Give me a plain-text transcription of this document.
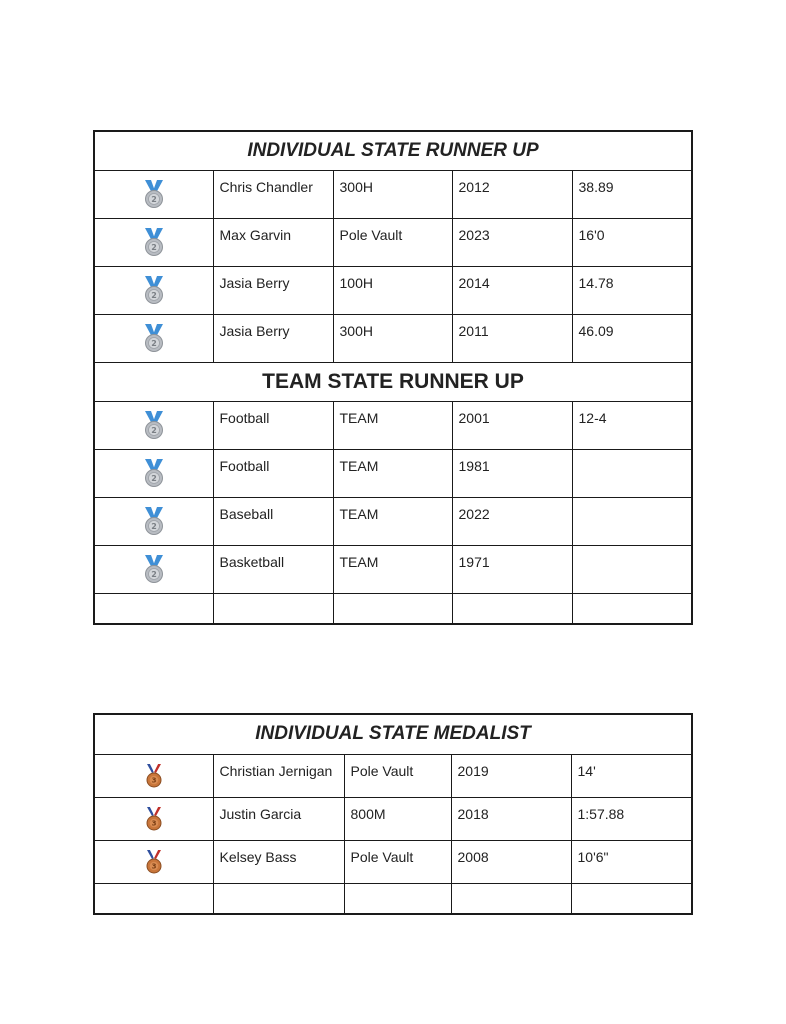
INDIVIDUAL STATE RUNNER UP				

2	Chris Chandler	300H	2012	38.89

2	Max Garvin	Pole Vault	2023	16'0

2	Jasia Berry	100H	2014	14.78

2	Jasia Berry	300H	2011	46.09
TEAM STATE RUNNER UP				

2	Football	TEAM	2001	12-4

2	Football	TEAM	1981	

2	Baseball	TEAM	2022	

2	Basketball	TEAM	1971	

INDIVIDUAL STATE MEDALIST				

3	Christian Jernigan	Pole Vault	2019	14'

3	Justin Garcia	800M	2018	1:57.88

3	Kelsey Bass	Pole Vault	2008	10'6"
